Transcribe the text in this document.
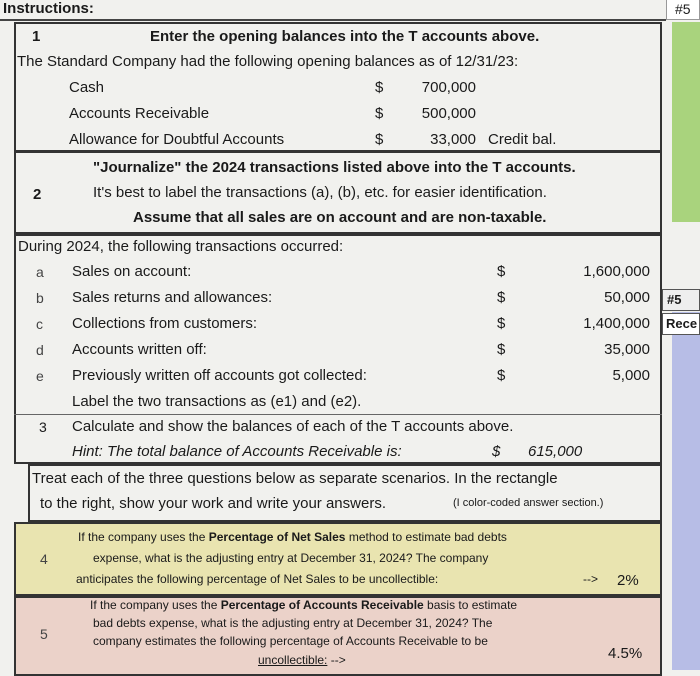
Instructions:	#5
#5
Rece
1	Enter the opening balances into the T accounts above.
The Standard Company had the following opening balances as of 12/31/23:
Cash	$	700,000
Accounts Receivable	$	500,000
Allowance for Doubtful Accounts	$	33,000 Credit bal.
2
"Journalize" the 2024 transactions listed above into the T accounts.
It's best to label the transactions (a), (b), etc. for easier identification.
Assume that all sales are on account and are non-taxable.
During 2024, the following transactions occurred:
a Sales on account:	$	1,600,000
b Sales returns and allowances:	$	50,000
c Collections from customers:	$	1,400,000
d Accounts written off:	$	35,000
e Previously written off accounts got collected:	$	5,000
Label the two transactions as (e1) and (e2).
3 Calculate and show the balances of each of the T accounts above.
Hint: The total balance of Accounts Receivable is:	$ 615,000
Treat each of the three questions below as separate scenarios. In the rectangle
to the right, show your work and write your answers.	(I color-coded answer section.)
4
If the company uses the Percentage of Net Sales method to estimate bad debts
expense, what is the adjusting entry at December 31, 2024? The company
anticipates the following percentage of Net Sales to be uncollectible:	--> 2%
5
If the company uses the Percentage of Accounts Receivable basis to estimate
bad debts expense, what is the adjusting entry at December 31, 2024? The
company estimates the following percentage of Accounts Receivable to be
uncollectible: -->	4.5%
